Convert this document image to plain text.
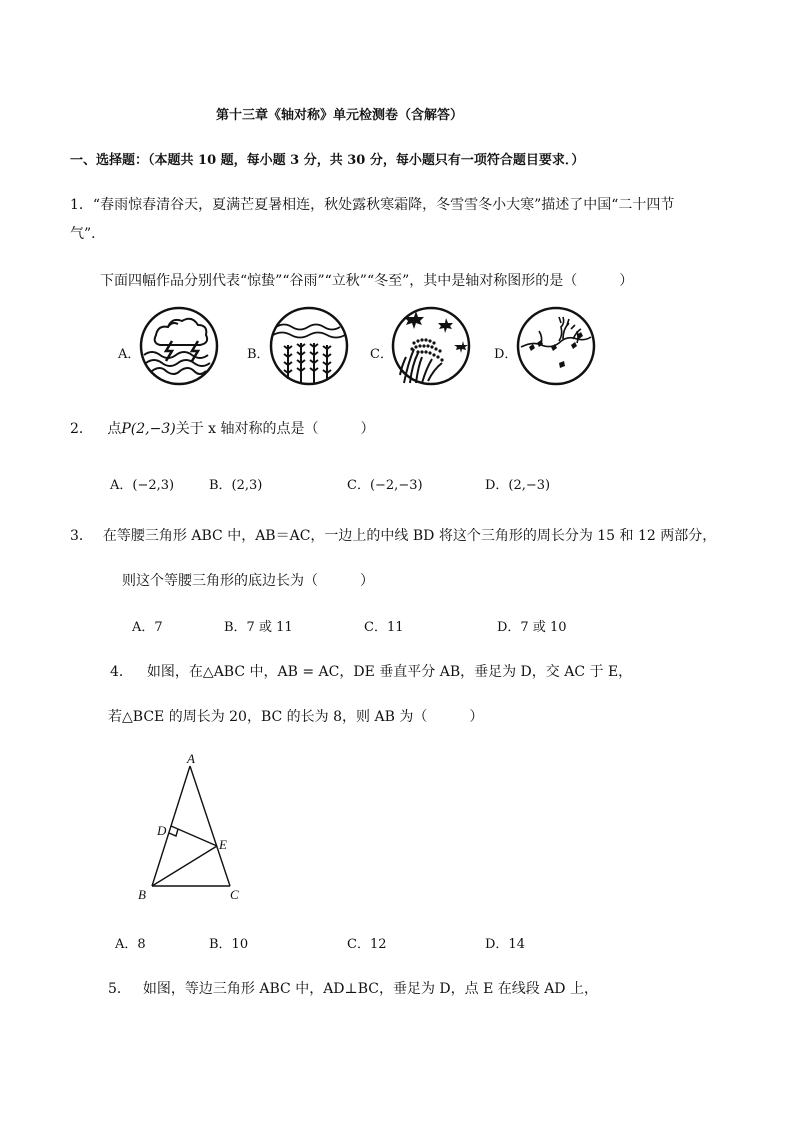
第十三章《轴对称》单元检测卷（含解答）
一、选择题：（本题共 10 题，每小题 3 分，共 30 分，每小题只有一项符合题目要求．）
1．“春雨惊春清谷天，夏满芒夏暑相连，秋处露秋寒霜降，冬雪雪冬小大寒”描述了中国“二十四节
气”．
下面四幅作品分别代表“惊蛰”“谷雨”“立秋”“冬至”，其中是轴对称图形的是（　　　）
A．	B．	C．	D．
2． 点P(2,−3)关于 x 轴对称的点是（　　　）
A．(−2,3)	B．(2,3)	C．(−2,−3)	D．(2,−3)
3． 在等腰三角形 ABC 中，AB＝AC，一边上的中线 BD 将这个三角形的周长分为 15 和 12 两部分，
则这个等腰三角形的底边长为（　　　）
A．7	B．7 或 11	C．11	D．7 或 10
4． 如图，在△ABC 中，AB = AC，DE 垂直平分 AB，垂足为 D，交 AC 于 E，
若△BCE 的周长为 20，BC 的长为 8，则 AB 为（　　　）
A
B	C
D
E
A．8	B．10	C．12	D．14
5． 如图，等边三角形 ABC 中，AD⊥BC，垂足为 D，点 E 在线段 AD 上，
